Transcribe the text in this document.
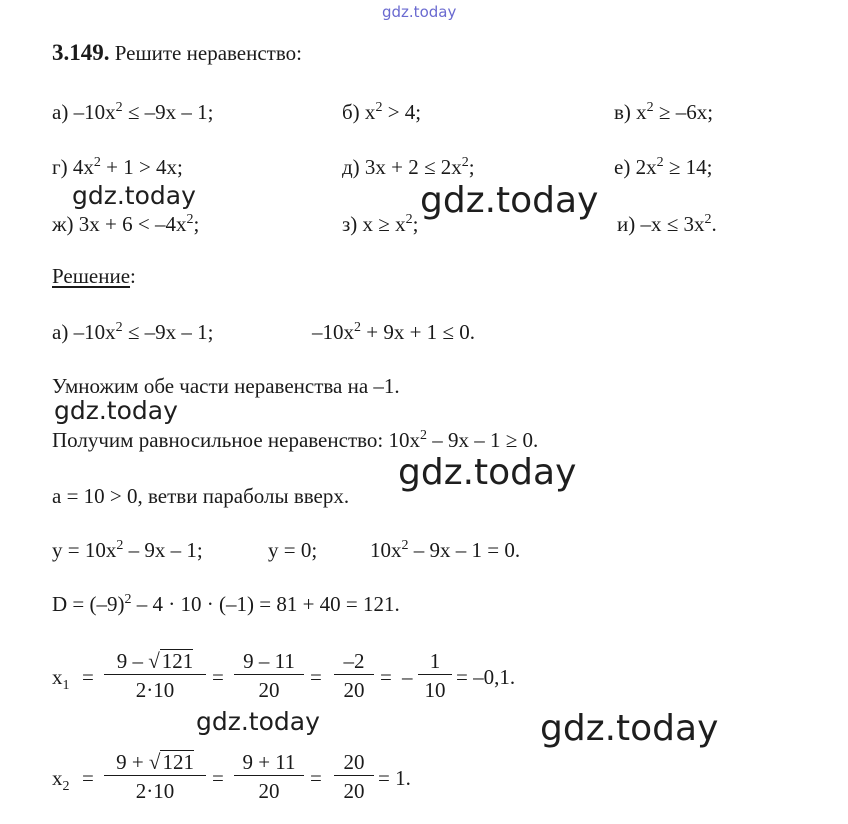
gdz.today
3.149. Решите неравенство:
а) $-10x^2 \le -9x - 1$;	б) $x^2 > 4$;	в) $x^2 \ge -6x$;
г) $4x^2 + 1 > 4x$;	д) $3x + 2 \le 2x^2$;	е) $2x^2 \ge 14$;
gdz.today
ж) $3x + 6 < -4x^2$;	з) $x \ge x^2$;	и) $-x \le 3x^2$.
gdz.today
Решение:
а) $-10x^2 \le -9x - 1$;	$-10x^2 + 9x + 1 \le 0$.
Умножим обе части неравенства на –1.
gdz.today
Получим равносильное неравенство: $10x^2 - 9x - 1 \ge 0$.
gdz.today
a = 10 > 0, ветви параболы вверх.
$y = 10x^2 - 9x - 1$;	y = 0;	$10x^2 - 9x - 1 = 0$.
$D = (-9)^2 - 4 \cdot 10 \cdot (-1) = 81 + 40 = 121$.
$x_1 = \frac{9 - √121}{2\cdot 10} = \frac{9 - 11}{20} = \frac{-2}{20}$ = – $\frac{1}{10} = -0,1$.
gdz.today	gdz.today
$x_2 = \frac{9 + √121}{2\cdot 10} = \frac{9 + 11}{20} = \frac{20}{20} = 1$.
